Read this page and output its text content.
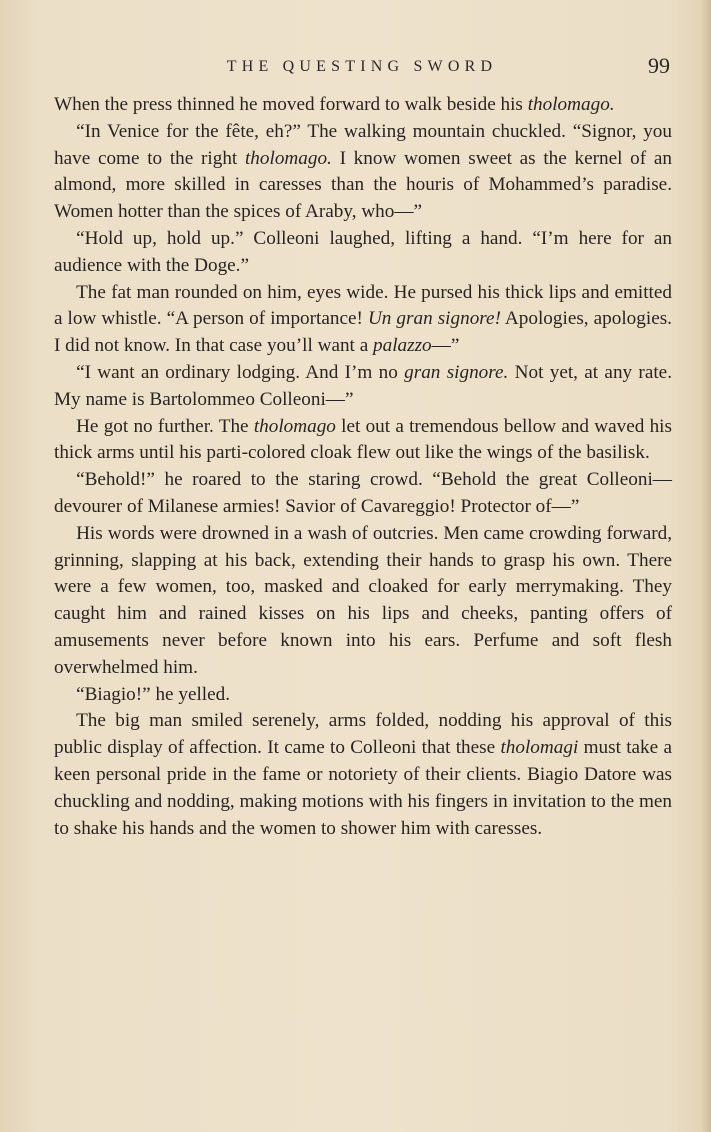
THE QUESTING SWORD	99

When the press thinned he moved forward to walk beside his tholomago.

“In Venice for the fête, eh?” The walking mountain chuckled. “Signor, you have come to the right tholomago. I know women sweet as the kernel of an almond, more skilled in caresses than the houris of Mohammed’s paradise. Women hotter than the spices of Araby, who—”

“Hold up, hold up.” Colleoni laughed, lifting a hand. “I’m here for an audience with the Doge.”

The fat man rounded on him, eyes wide. He pursed his thick lips and emitted a low whistle. “A person of importance! Un gran signore! Apologies, apologies. I did not know. In that case you’ll want a palazzo—”

“I want an ordinary lodging. And I’m no gran signore. Not yet, at any rate. My name is Bartolommeo Colleoni—”

He got no further. The tholomago let out a tremendous bellow and waved his thick arms until his parti-colored cloak flew out like the wings of the basilisk.

“Behold!” he roared to the staring crowd. “Behold the great Colleoni—devourer of Milanese armies! Savior of Cavareggio! Protector of—”

His words were drowned in a wash of outcries. Men came crowding forward, grinning, slapping at his back, extending their hands to grasp his own. There were a few women, too, masked and cloaked for early merrymaking. They caught him and rained kisses on his lips and cheeks, panting offers of amusements never before known into his ears. Perfume and soft flesh overwhelmed him.

“Biagio!” he yelled.

The big man smiled serenely, arms folded, nodding his approval of this public display of affection. It came to Colleoni that these tholomagi must take a keen personal pride in the fame or notoriety of their clients. Biagio Datore was chuckling and nodding, making motions with his fingers in invitation to the men to shake his hands and the women to shower him with caresses.
